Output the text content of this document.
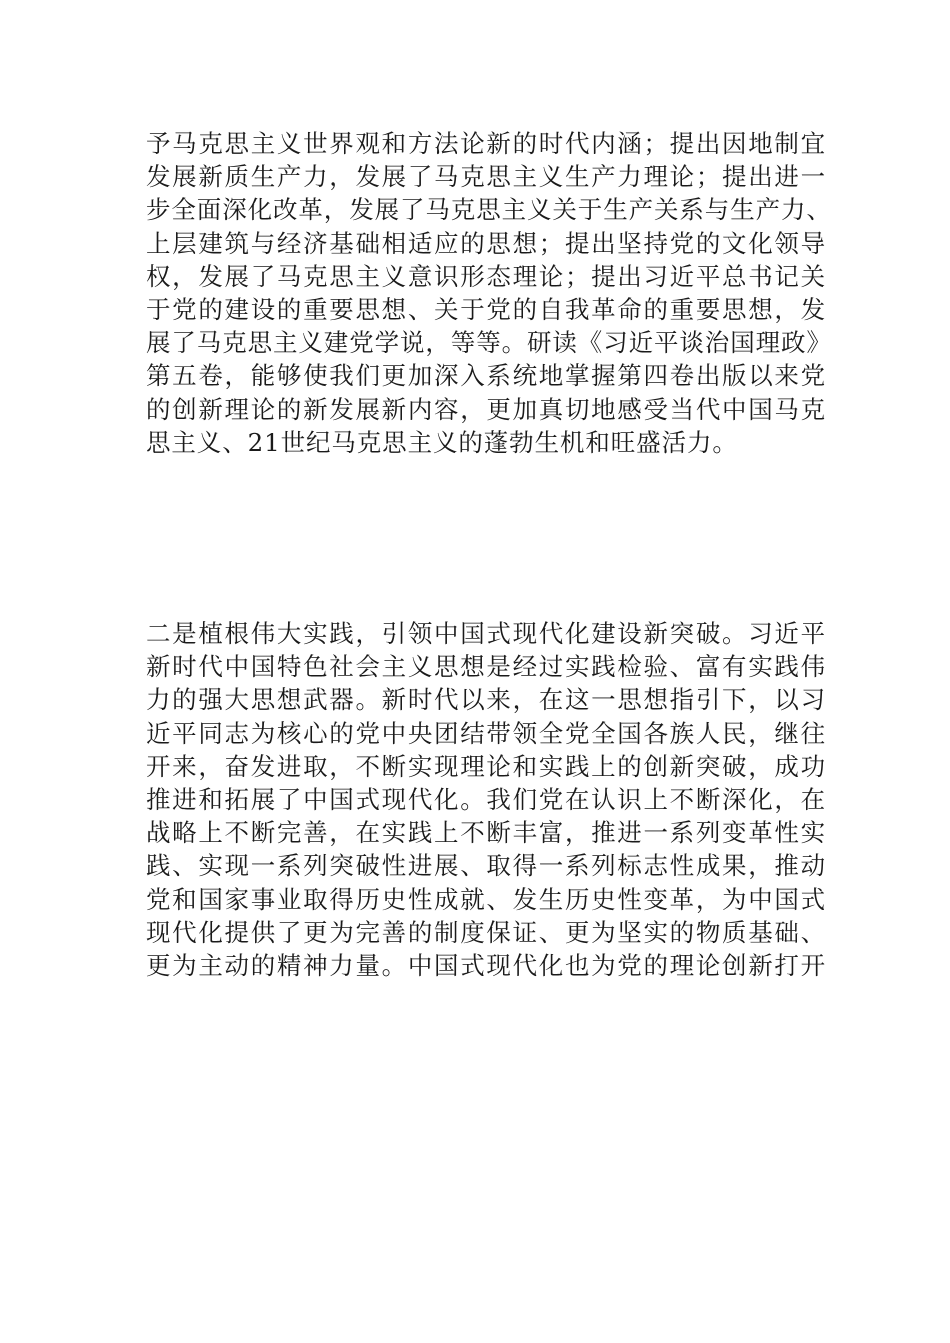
予马克思主义世界观和方法论新的时代内涵；提出因地制宜
发展新质生产力，发展了马克思主义生产力理论；提出进一
步全面深化改革，发展了马克思主义关于生产关系与生产力、
上层建筑与经济基础相适应的思想；提出坚持党的文化领导
权，发展了马克思主义意识形态理论；提出习近平总书记关
于党的建设的重要思想、关于党的自我革命的重要思想，发
展了马克思主义建党学说，等等。研读《习近平谈治国理政》
第五卷，能够使我们更加深入系统地掌握第四卷出版以来党
的创新理论的新发展新内容，更加真切地感受当代中国马克
思主义、21世纪马克思主义的蓬勃生机和旺盛活力。

二是植根伟大实践，引领中国式现代化建设新突破。习近平
新时代中国特色社会主义思想是经过实践检验、富有实践伟
力的强大思想武器。新时代以来，在这一思想指引下，以习
近平同志为核心的党中央团结带领全党全国各族人民，继往
开来，奋发进取，不断实现理论和实践上的创新突破，成功
推进和拓展了中国式现代化。我们党在认识上不断深化，在
战略上不断完善，在实践上不断丰富，推进一系列变革性实
践、实现一系列突破性进展、取得一系列标志性成果，推动
党和国家事业取得历史性成就、发生历史性变革，为中国式
现代化提供了更为完善的制度保证、更为坚实的物质基础、
更为主动的精神力量。中国式现代化也为党的理论创新打开
